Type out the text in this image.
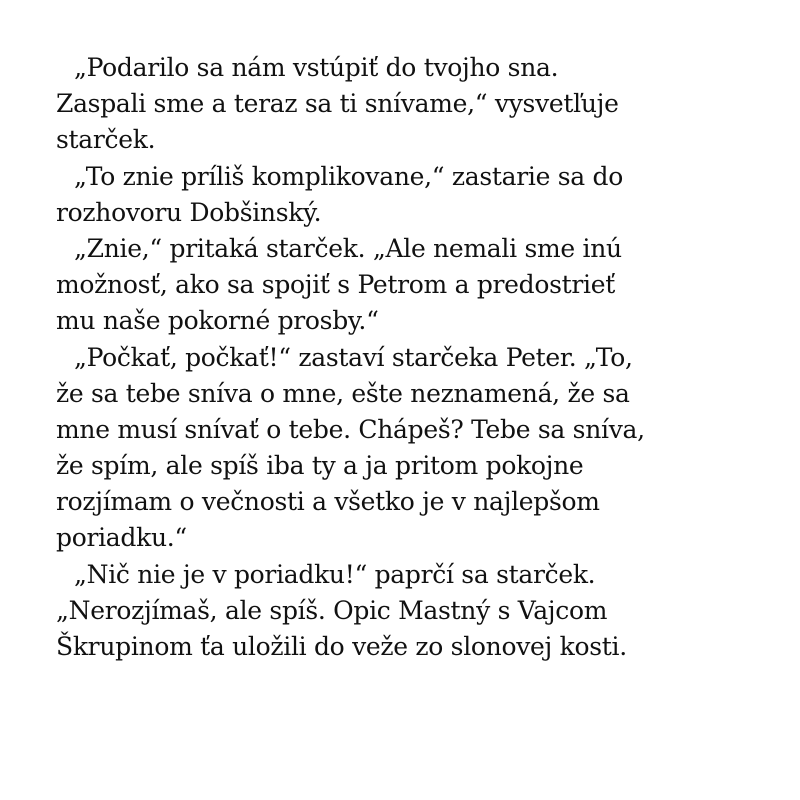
„Podarilo sa nám vstúpiť do tvojho sna.
Zaspali sme a teraz sa ti snívame,“ vysvetľuje
starček.
„To znie príliš komplikovane,“ zastarie sa do
rozhovoru Dobšinský.
„Znie,“ pritaká starček. „Ale nemali sme inú
možnosť, ako sa spojiť s Petrom a predostrieť
mu naše pokorné prosby.“
„Počkať, počkať!“ zastaví starčeka Peter. „To,
že sa tebe sníva o mne, ešte neznamená, že sa
mne musí snívať o tebe. Chápeš? Tebe sa sníva,
že spím, ale spíš iba ty a ja pritom pokojne
rozjímam o večnosti a všetko je v najlepšom
poriadku.“
„Nič nie je v poriadku!“ paprčí sa starček.
„Nerozjímaš, ale spíš. Opic Mastný s Vajcom
Škrupinom ťa uložili do veže zo slonovej kosti.
